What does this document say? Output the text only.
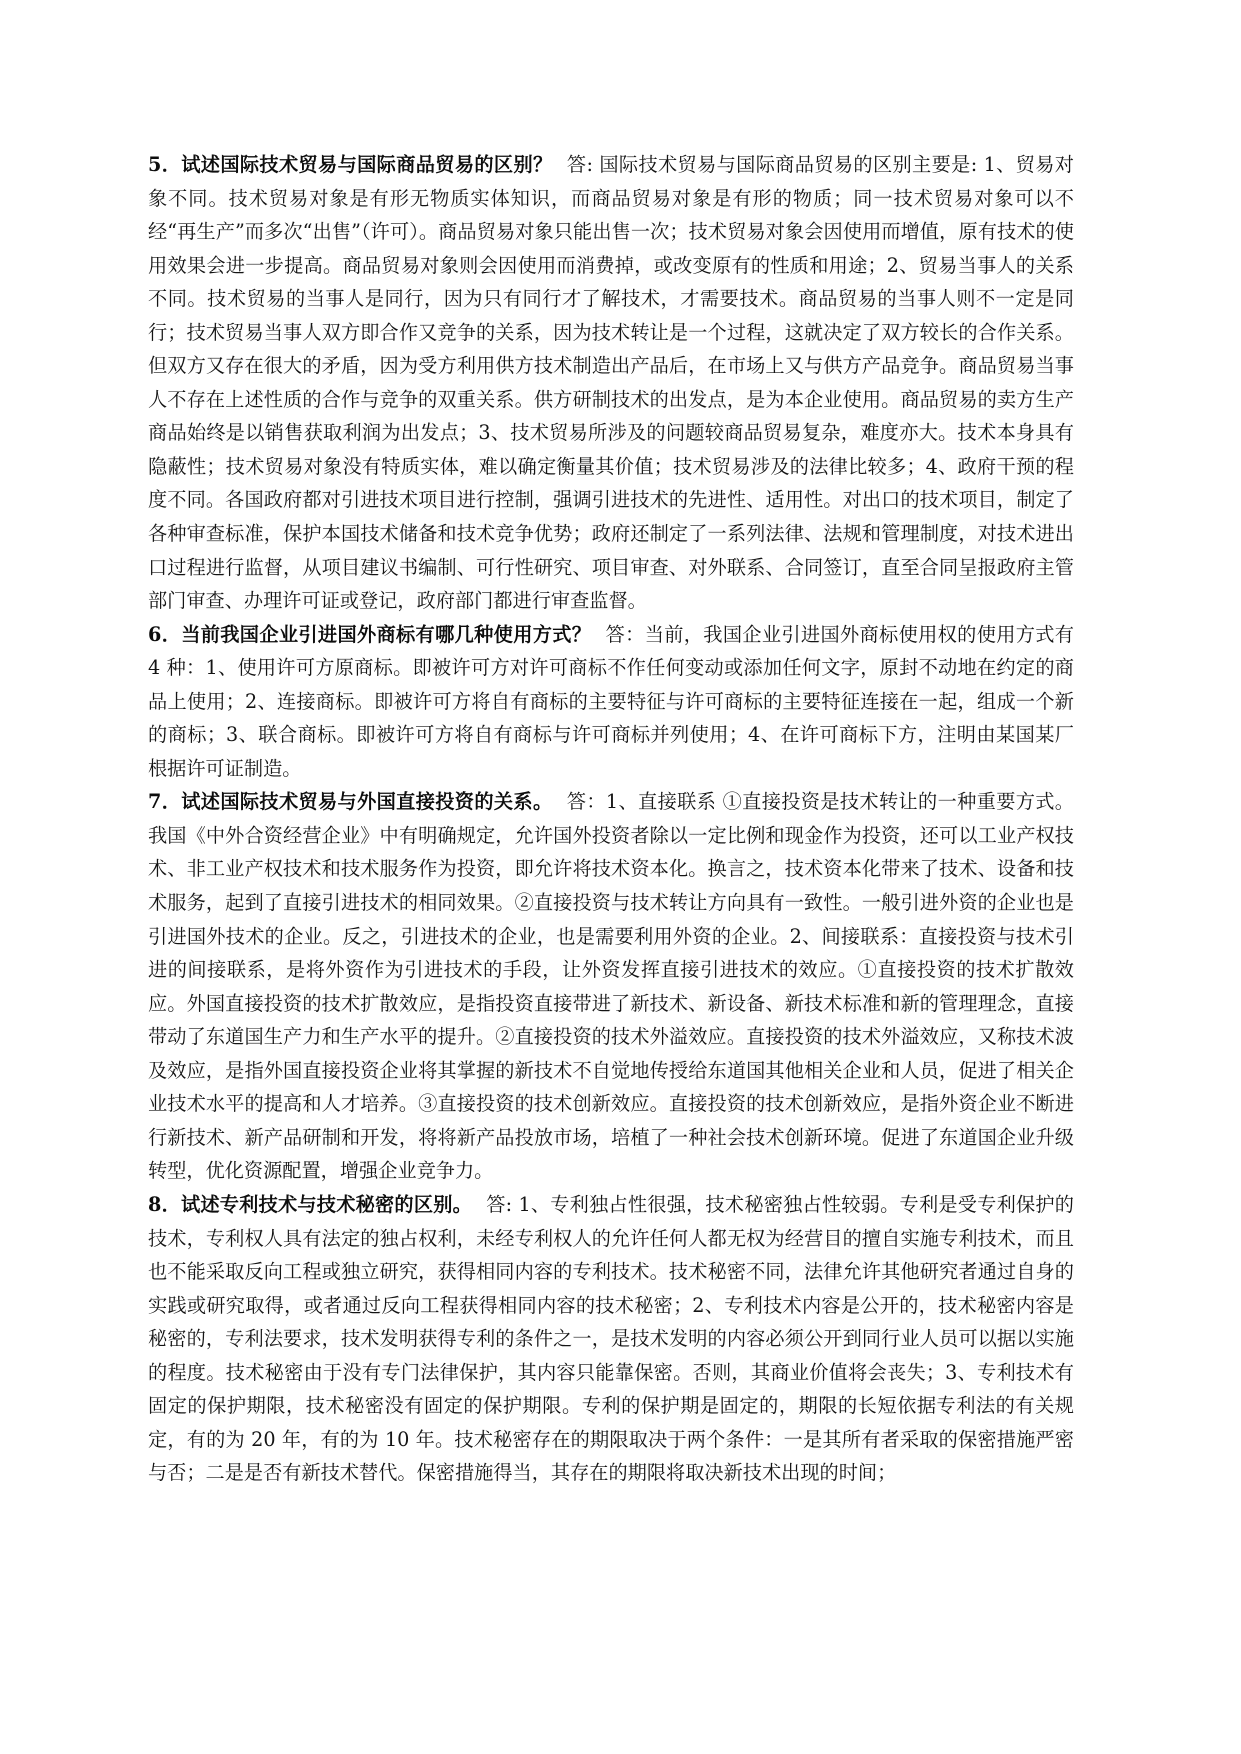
5．试述国际技术贸易与国际商品贸易的区别？ 答: 国际技术贸易与国际商品贸易的区别主要是: 1、贸易对象不同。技术贸易对象是有形无物质实体知识，而商品贸易对象是有形的物质；同一技术贸易对象可以不经“再生产”而多次“出售”（许可）。商品贸易对象只能出售一次；技术贸易对象会因使用而增值，原有技术的使用效果会进一步提高。商品贸易对象则会因使用而消费掉，或改变原有的性质和用途；2、贸易当事人的关系不同。技术贸易的当事人是同行，因为只有同行才了解技术，才需要技术。商品贸易的当事人则不一定是同行；技术贸易当事人双方即合作又竞争的关系，因为技术转让是一个过程，这就决定了双方较长的合作关系。但双方又存在很大的矛盾，因为受方利用供方技术制造出产品后，在市场上又与供方产品竞争。商品贸易当事人不存在上述性质的合作与竞争的双重关系。供方研制技术的出发点，是为本企业使用。商品贸易的卖方生产商品始终是以销售获取利润为出发点；3、技术贸易所涉及的问题较商品贸易复杂，难度亦大。技术本身具有隐蔽性；技术贸易对象没有特质实体，难以确定衡量其价值；技术贸易涉及的法律比较多；4、政府干预的程度不同。各国政府都对引进技术项目进行控制，强调引进技术的先进性、适用性。对出口的技术项目，制定了各种审查标准，保护本国技术储备和技术竞争优势；政府还制定了一系列法律、法规和管理制度，对技术进出口过程进行监督，从项目建议书编制、可行性研究、项目审查、对外联系、合同签订，直至合同呈报政府主管部门审查、办理许可证或登记，政府部门都进行审查监督。

6．当前我国企业引进国外商标有哪几种使用方式？ 答：当前，我国企业引进国外商标使用权的使用方式有 4 种：1、使用许可方原商标。即被许可方对许可商标不作任何变动或添加任何文字，原封不动地在约定的商品上使用；2、连接商标。即被许可方将自有商标的主要特征与许可商标的主要特征连接在一起，组成一个新的商标；3、联合商标。即被许可方将自有商标与许可商标并列使用；4、在许可商标下方，注明由某国某厂根据许可证制造。

7．试述国际技术贸易与外国直接投资的关系。 答：1、直接联系 ①直接投资是技术转让的一种重要方式。我国《中外合资经营企业》中有明确规定，允许国外投资者除以一定比例和现金作为投资，还可以工业产权技术、非工业产权技术和技术服务作为投资，即允许将技术资本化。换言之，技术资本化带来了技术、设备和技术服务，起到了直接引进技术的相同效果。②直接投资与技术转让方向具有一致性。一般引进外资的企业也是引进国外技术的企业。反之，引进技术的企业，也是需要利用外资的企业。2、间接联系：直接投资与技术引进的间接联系，是将外资作为引进技术的手段，让外资发挥直接引进技术的效应。①直接投资的技术扩散效应。外国直接投资的技术扩散效应，是指投资直接带进了新技术、新设备、新技术标准和新的管理理念，直接带动了东道国生产力和生产水平的提升。②直接投资的技术外溢效应。直接投资的技术外溢效应，又称技术波及效应，是指外国直接投资企业将其掌握的新技术不自觉地传授给东道国其他相关企业和人员，促进了相关企业技术水平的提高和人才培养。③直接投资的技术创新效应。直接投资的技术创新效应，是指外资企业不断进行新技术、新产品研制和开发，将将新产品投放市场，培植了一种社会技术创新环境。促进了东道国企业升级转型，优化资源配置，增强企业竞争力。

8．试述专利技术与技术秘密的区别。 答: 1、专利独占性很强，技术秘密独占性较弱。专利是受专利保护的技术，专利权人具有法定的独占权利，未经专利权人的允许任何人都无权为经营目的擅自实施专利技术，而且也不能采取反向工程或独立研究，获得相同内容的专利技术。技术秘密不同，法律允许其他研究者通过自身的实践或研究取得，或者通过反向工程获得相同内容的技术秘密；2、专利技术内容是公开的，技术秘密内容是秘密的，专利法要求，技术发明获得专利的条件之一，是技术发明的内容必须公开到同行业人员可以据以实施的程度。技术秘密由于没有专门法律保护，其内容只能靠保密。否则，其商业价值将会丧失；3、专利技术有固定的保护期限，技术秘密没有固定的保护期限。专利的保护期是固定的，期限的长短依据专利法的有关规定，有的为 20 年，有的为 10 年。技术秘密存在的期限取决于两个条件：一是其所有者采取的保密措施严密与否；二是是否有新技术替代。保密措施得当，其存在的期限将取决新技术出现的时间；
